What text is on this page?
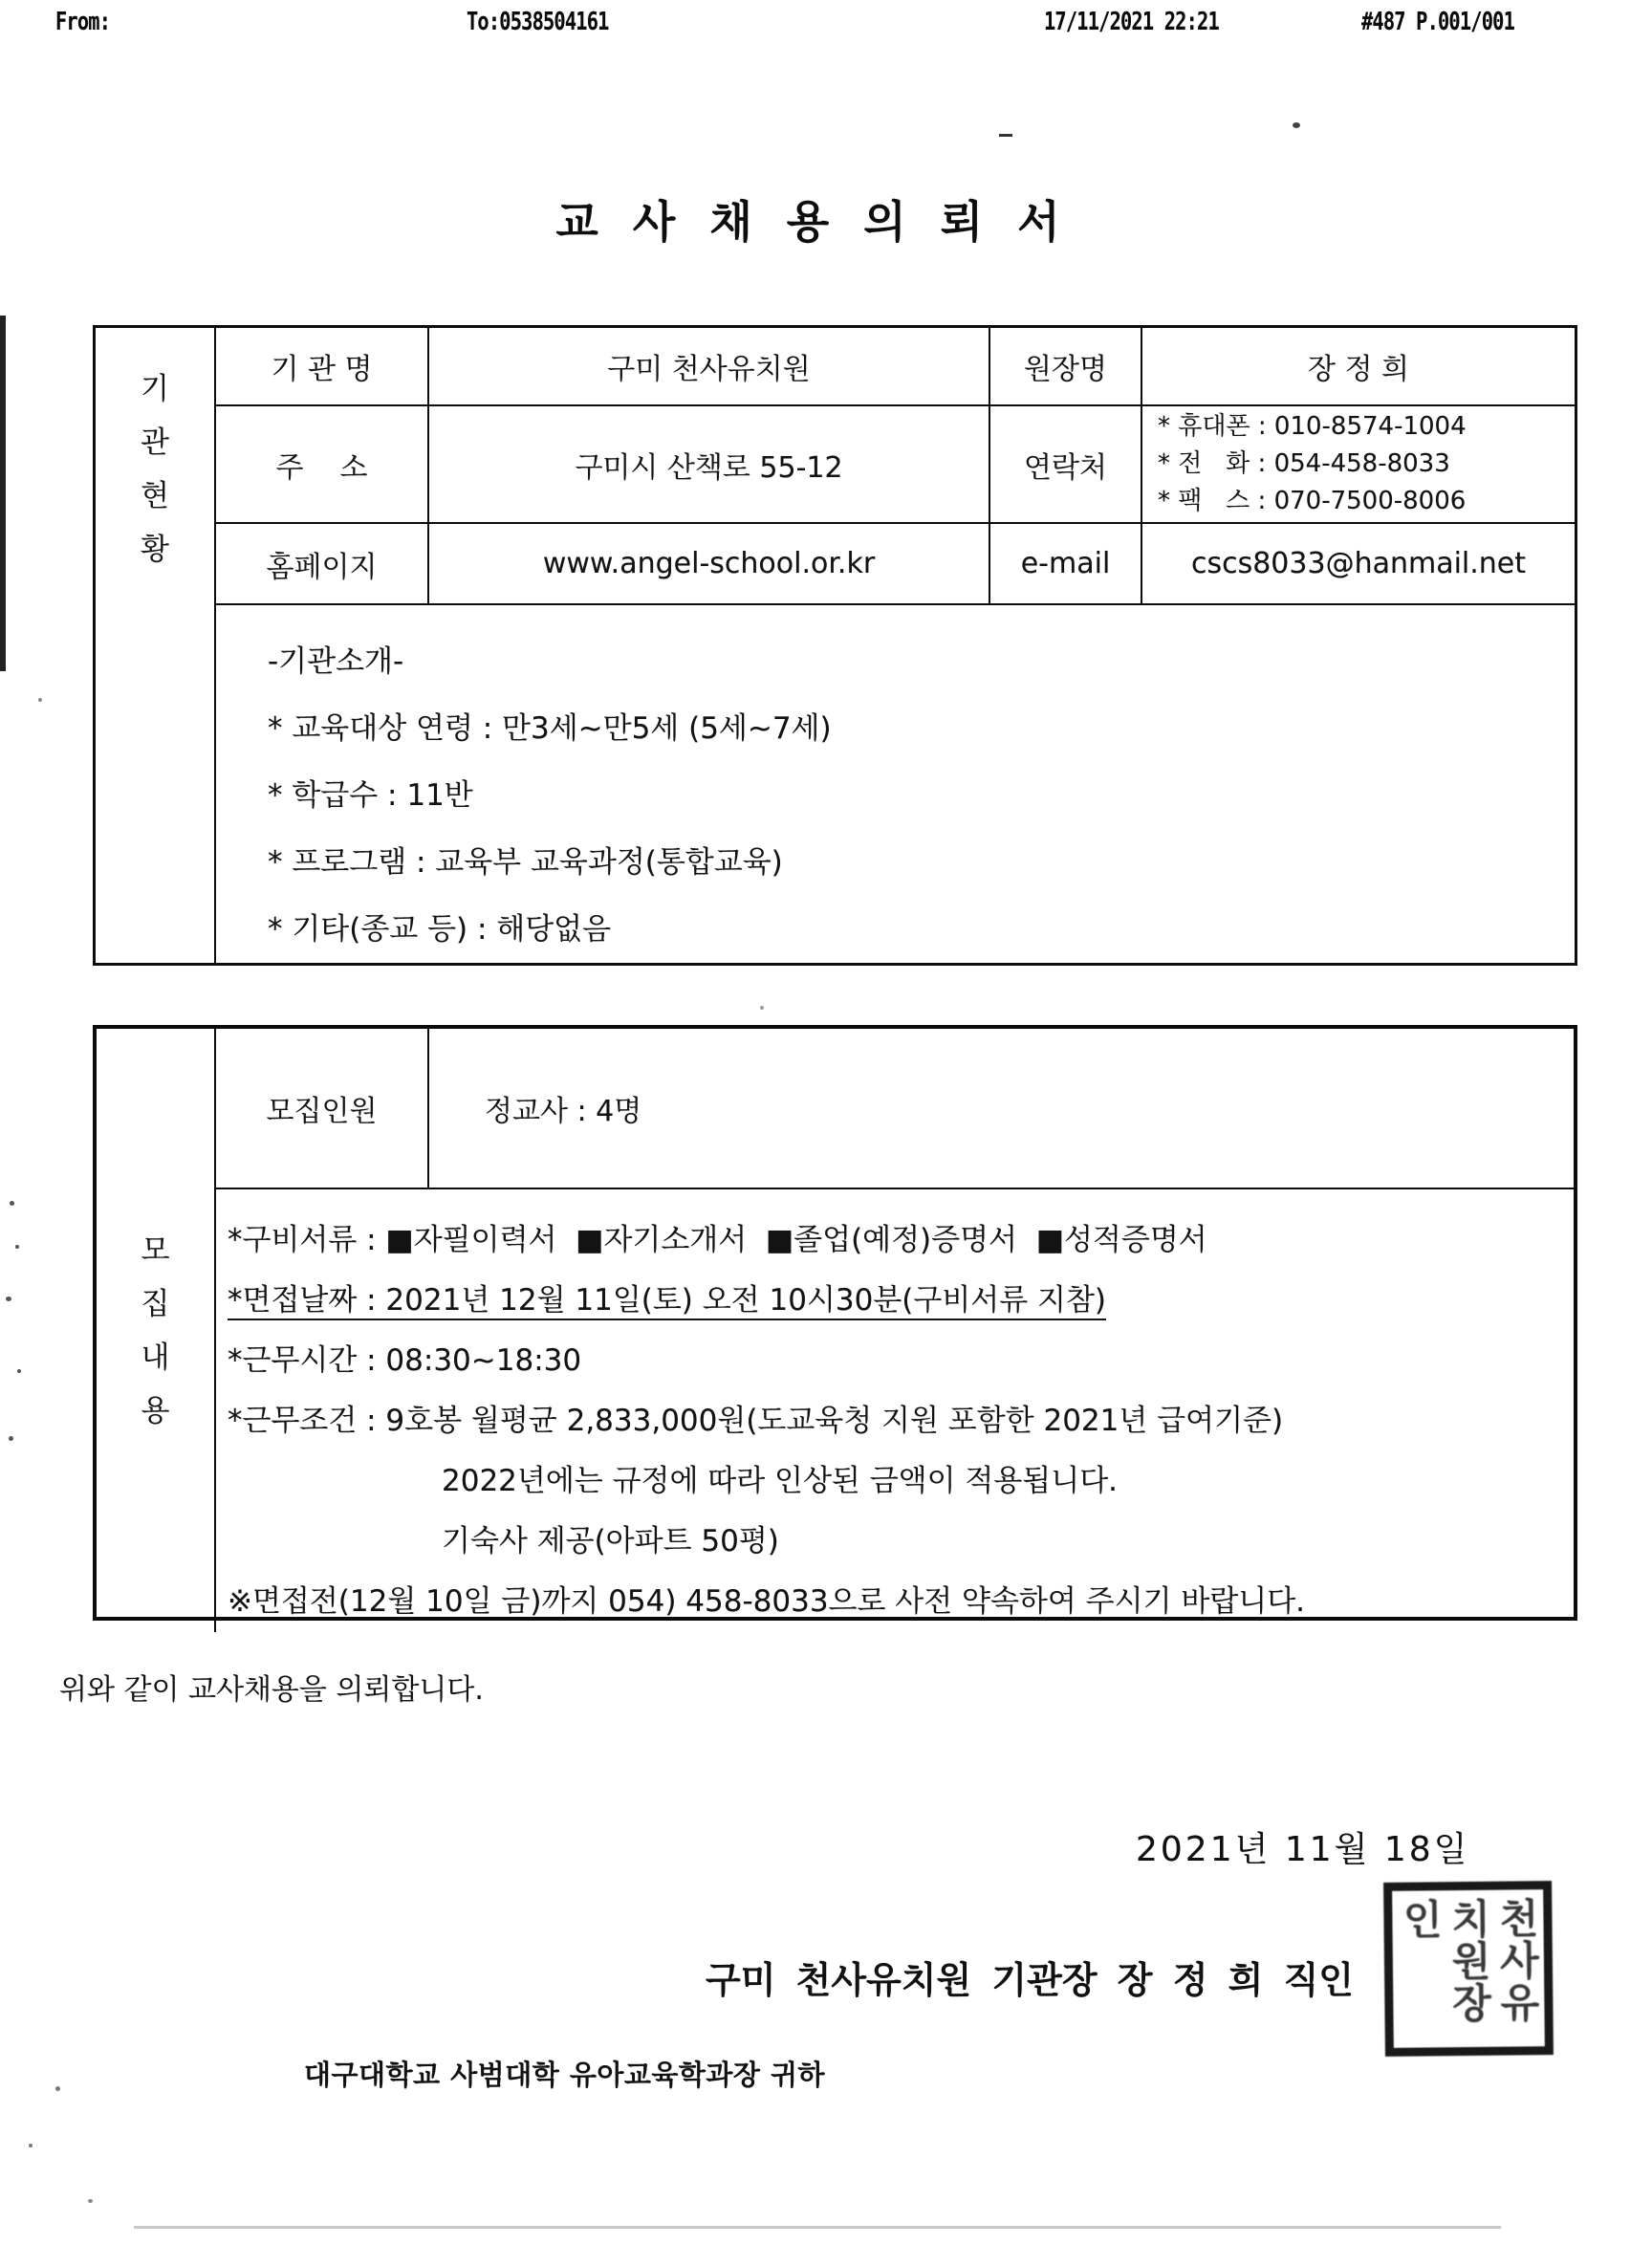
From:	To:0538504161	17/11/2021 22:21	#487 P.001/001
교 사 채 용 의 뢰 서
기관현황
기 관 명	구미 천사유치원	원장명	장 정 희
주    소	구미시 산책로 55-12	연락처
* 휴대폰 : 010-8574-1004
* 전   화 : 054-458-8033
* 팩   스 : 070-7500-8006
홈페이지	www.angel-school.or.kr	e-mail	cscs8033@hanmail.net
-기관소개-
* 교육대상 연령 : 만3세~만5세 (5세~7세)
* 학급수 : 11반
* 프로그램 : 교육부 교육과정(통합교육)
* 기타(종교 등) : 해당없음
모집내용
모집인원	정교사 : 4명
*구비서류 : ■자필이력서  ■자기소개서  ■졸업(예정)증명서  ■성적증명서
*면접날짜 : 2021년 12월 11일(토) 오전 10시30분(구비서류 지참)
*근무시간 : 08:30~18:30
*근무조건 : 9호봉 월평균 2,833,000원(도교육청 지원 포함한 2021년 급여기준)
2022년에는 규정에 따라 인상된 금액이 적용됩니다.
기숙사 제공(아파트 50평)
※면접전(12월 10일 금)까지 054) 458-8033으로 사전 약속하여 주시기 바랍니다.
위와 같이 교사채용을 의뢰합니다.
2021년 11월 18일
구미 천사유치원 기관장 장 정 희 직인	천사유치원장인
대구대학교 사범대학 유아교육학과장 귀하
